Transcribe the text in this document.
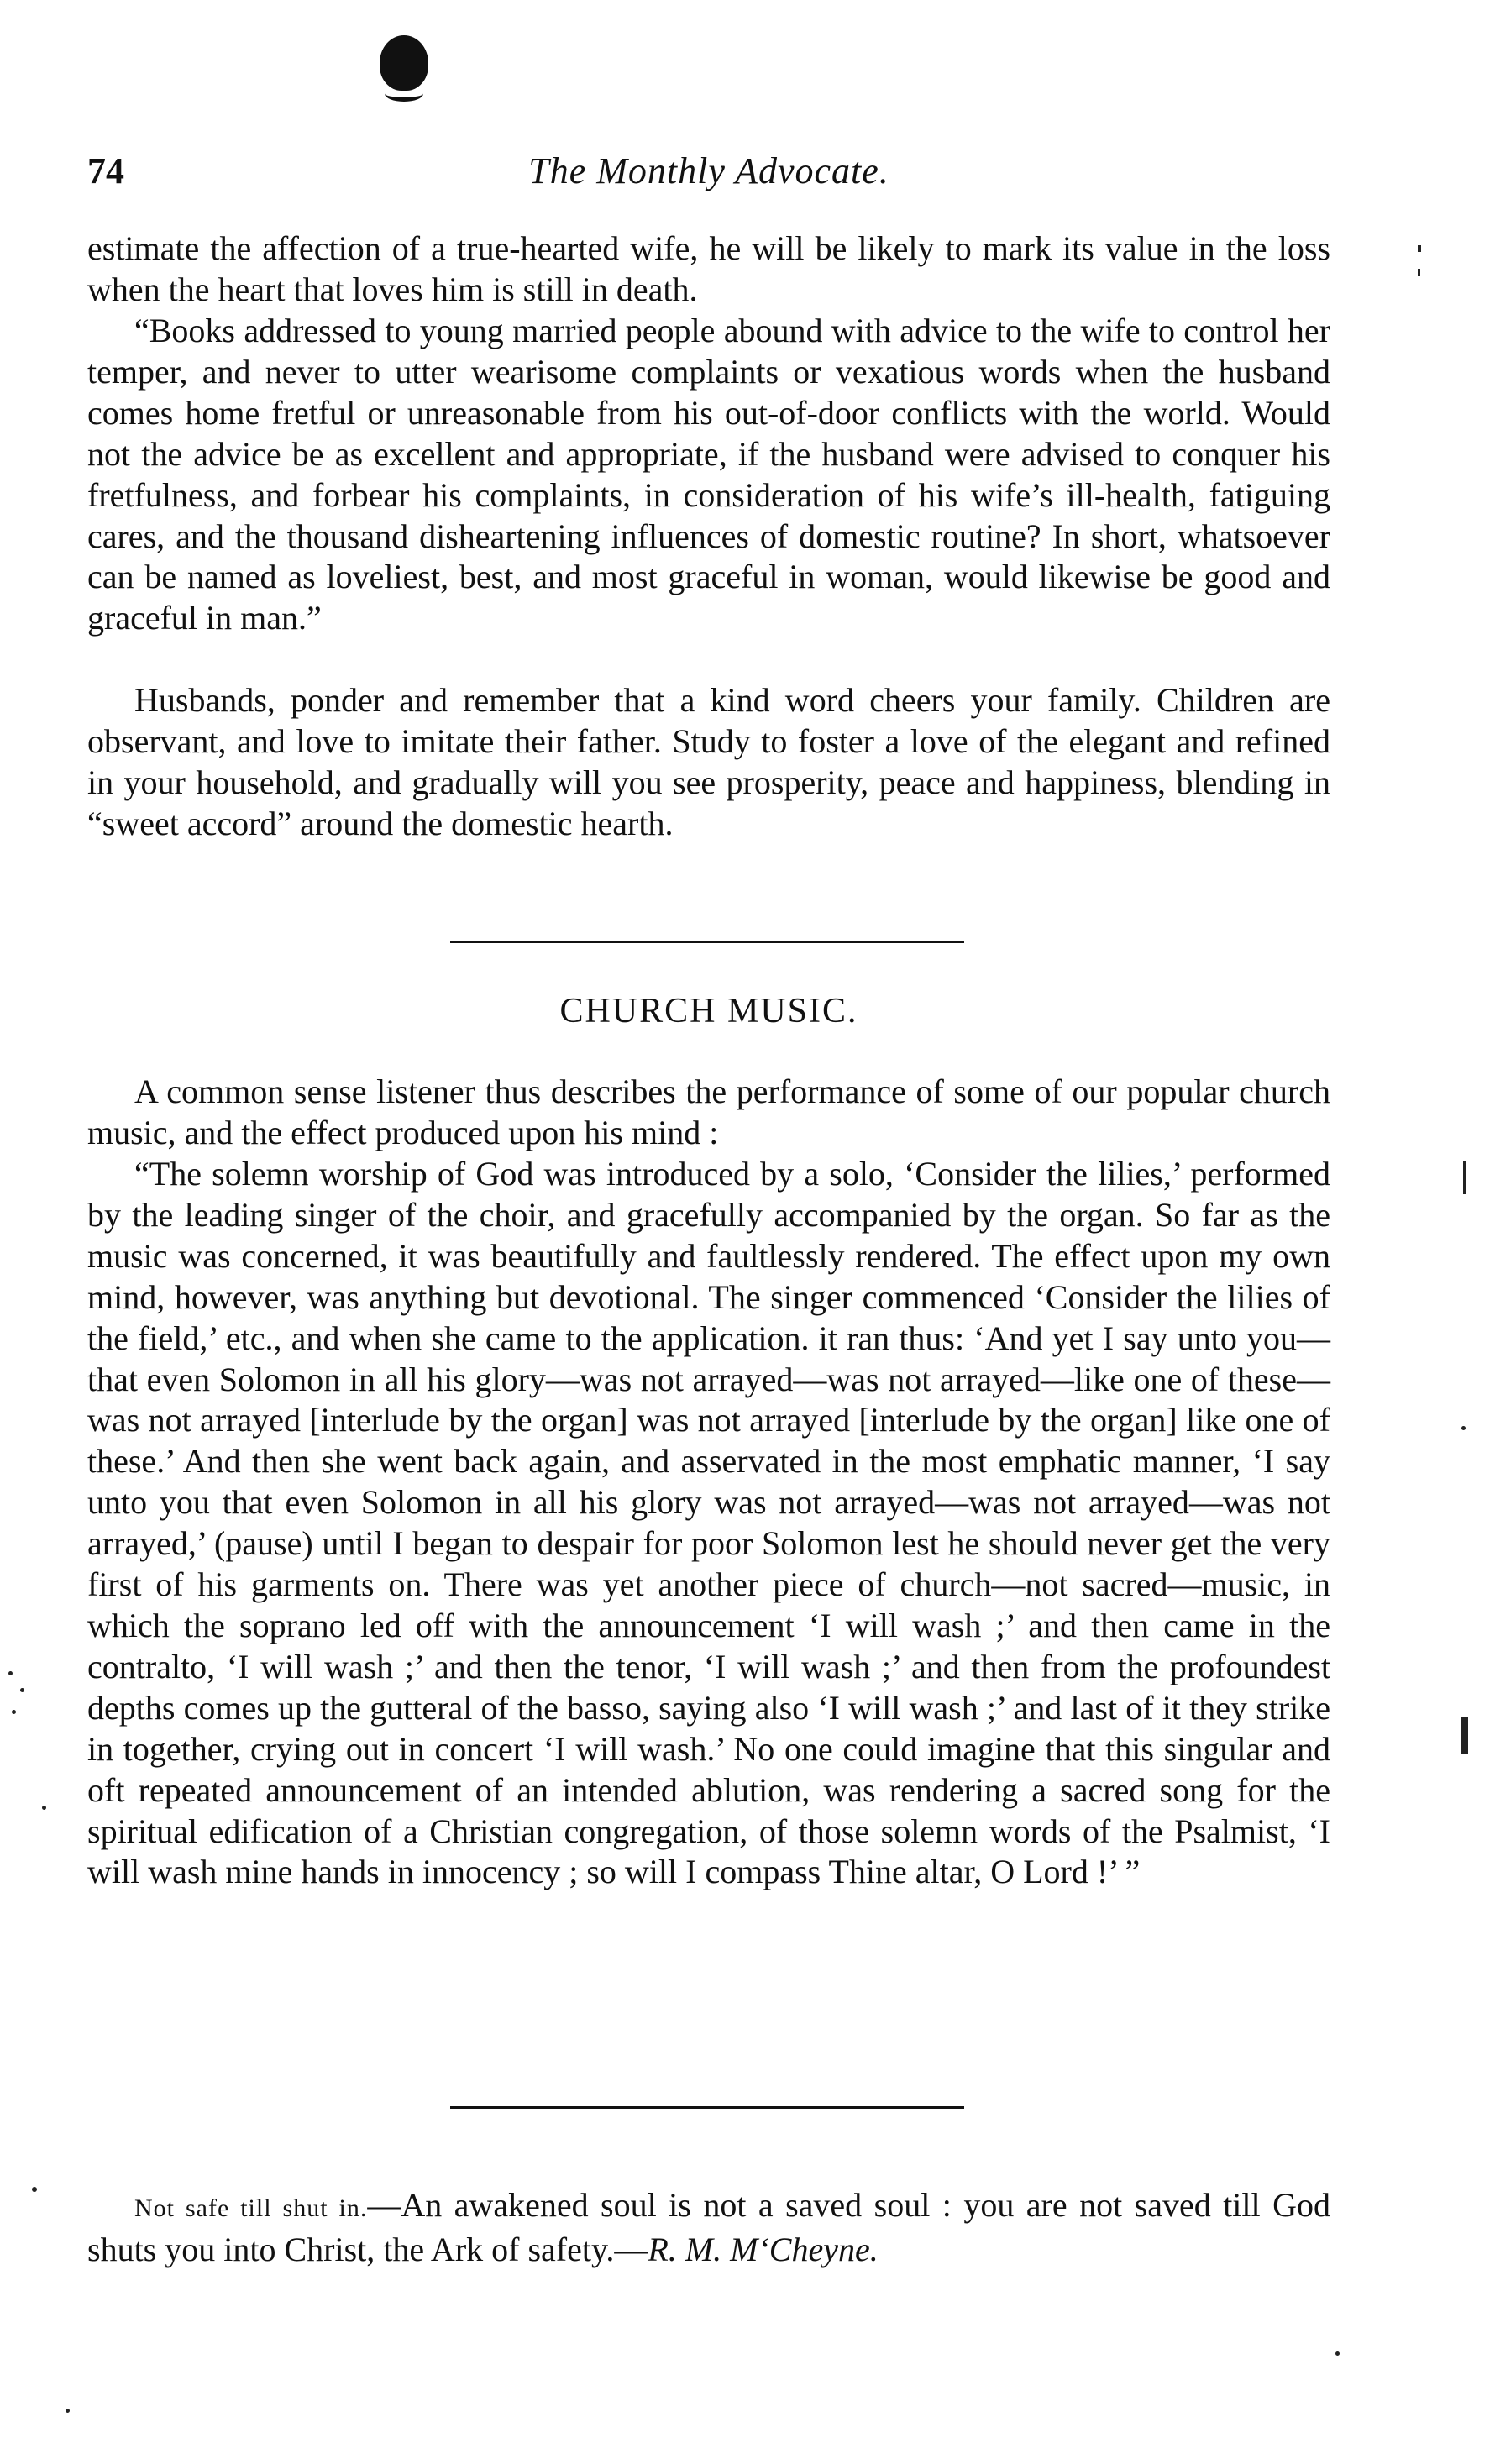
74	The Monthly Advocate.

estimate the affection of a true-hearted wife, he will be likely to mark its value in the loss when the heart that loves him is still in death.

“Books addressed to young married people abound with advice to the wife to control her temper, and never to utter wearisome complaints or vexatious words when the husband comes home fretful or unreasonable from his out-of-door conflicts with the world. Would not the advice be as excellent and appropriate, if the husband were advised to conquer his fretfulness, and forbear his complaints, in consideration of his wife’s ill-health, fatiguing cares, and the thousand disheartening influences of domestic routine? In short, whatsoever can be named as loveliest, best, and most graceful in woman, would likewise be good and graceful in man.”

Husbands, ponder and remember that a kind word cheers your family. Children are observant, and love to imitate their father. Study to foster a love of the elegant and refined in your household, and gradually will you see prosperity, peace and happiness, blending in “sweet accord” around the domestic hearth.

CHURCH MUSIC.

A common sense listener thus describes the performance of some of our popular church music, and the effect produced upon his mind :

“The solemn worship of God was introduced by a solo, ‘Consider the lilies,’ performed by the leading singer of the choir, and gracefully accompanied by the organ. So far as the music was concerned, it was beautifully and faultlessly rendered. The effect upon my own mind, however, was anything but devotional. The singer commenced ‘Consider the lilies of the field,’ etc., and when she came to the application. it ran thus: ‘And yet I say unto you—that even Solomon in all his glory—was not arrayed—was not arrayed—like one of these—was not arrayed [interlude by the organ] was not arrayed [interlude by the organ] like one of these.’ And then she went back again, and asservated in the most emphatic manner, ‘I say unto you that even Solomon in all his glory was not arrayed—was not arrayed—was not arrayed,’ (pause) until I began to despair for poor Solomon lest he should never get the very first of his garments on. There was yet another piece of church—not sacred—music, in which the soprano led off with the announcement ‘I will wash ;’ and then came in the contralto, ‘I will wash ;’ and then the tenor, ‘I will wash ;’ and then from the profoundest depths comes up the gutteral of the basso, saying also ‘I will wash ;’ and last of it they strike in together, crying out in concert ‘I will wash.’ No one could imagine that this singular and oft repeated announcement of an intended ablution, was rendering a sacred song for the spiritual edification of a Christian congregation, of those solemn words of the Psalmist, ‘I will wash mine hands in innocency ; so will I compass Thine altar, O Lord !’ ”

Not safe till shut in.—An awakened soul is not a saved soul : you are not saved till God shuts you into Christ, the Ark of safety.—R. M. M‘Cheyne.
